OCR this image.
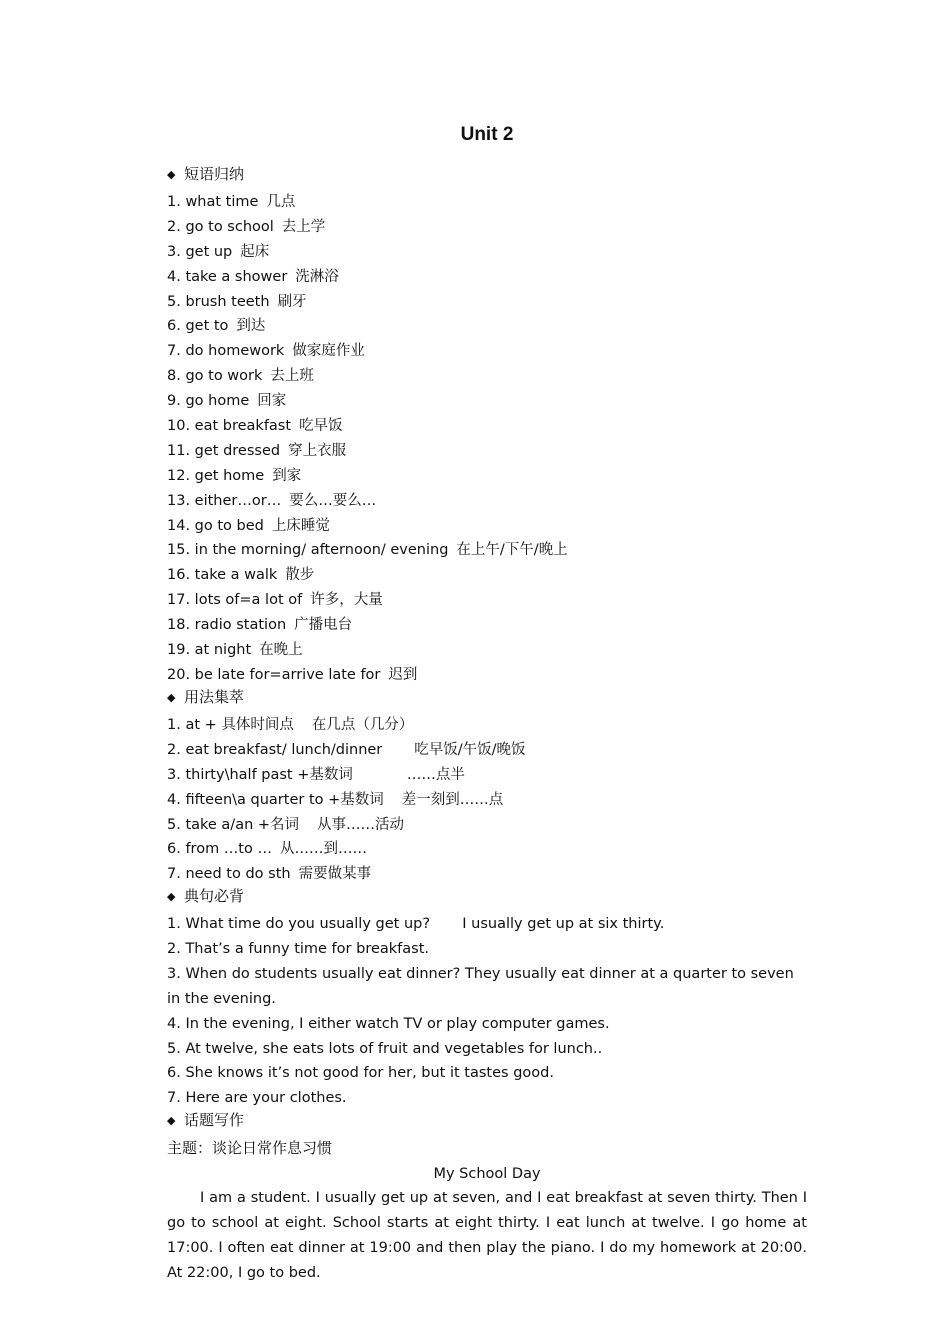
Unit 2
◆ 短语归纳
1. what time 几点
2. go to school 去上学
3. get up 起床
4. take a shower 洗淋浴
5. brush teeth 刷牙
6. get to 到达
7. do homework 做家庭作业
8. go to work 去上班
9. go home 回家
10. eat breakfast 吃早饭
11. get dressed 穿上衣服
12. get home 到家
13. either…or… 要么…要么…
14. go to bed 上床睡觉
15. in the morning/ afternoon/ evening 在上午/下午/晚上
16. take a walk 散步
17. lots of=a lot of 许多，大量
18. radio station 广播电台
19. at night 在晚上
20. be late for=arrive late for 迟到
◆ 用法集萃
1. at + 具体时间点 在几点（几分）
2. eat breakfast/ lunch/dinner 吃早饭/午饭/晚饭
3. thirty\half past +基数词	……点半
4. fifteen\a quarter to +基数词 差一刻到……点
5. take a/an +名词 从事……活动
6. from …to … 从……到……
7. need to do sth 需要做某事
◆ 典句必背
1. What time do you usually get up?       I usually get up at six thirty.
2. That’s a funny time for breakfast.
3. When do students usually eat dinner? They usually eat dinner at a quarter to seven in the evening.
4. In the evening, I either watch TV or play computer games.
5. At twelve, she eats lots of fruit and vegetables for lunch..
6. She knows it’s not good for her, but it tastes good.
7. Here are your clothes.
◆ 话题写作
主题：谈论日常作息习惯
My School Day
I am a student. I usually get up at seven, and I eat breakfast at seven thirty. Then I go to school at eight. School starts at eight thirty. I eat lunch at twelve. I go home at 17:00. I often eat dinner at 19:00 and then play the piano. I do my homework at 20:00. At 22:00, I go to bed.
